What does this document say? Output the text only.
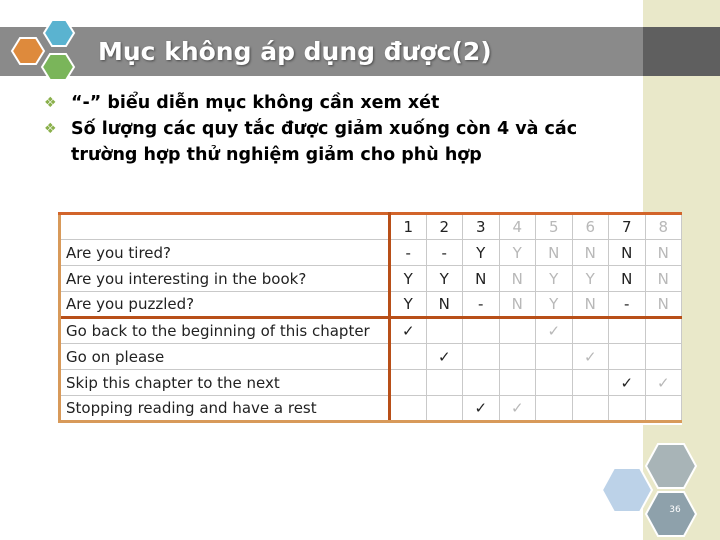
Mục không áp dụng được(2)
❖ “-” biểu diễn mục không cần xem xét
❖ Số lượng các quy tắc được giảm xuống còn 4 và các trường hợp thử nghiệm giảm cho phù hợp
	1	2	3	4	5	6	7	8
Are you tired?	-	-	Y	Y	N	N	N	N
Are you interesting in the book?	Y	Y	N	N	Y	Y	N	N
Are you puzzled?	Y	N	-	N	Y	N	-	N
Go back to the beginning of this chapter	✓				✓			
Go on please		✓				✓		
Skip this chapter to the next							✓	✓
Stopping reading and have a rest			✓	✓				
36
